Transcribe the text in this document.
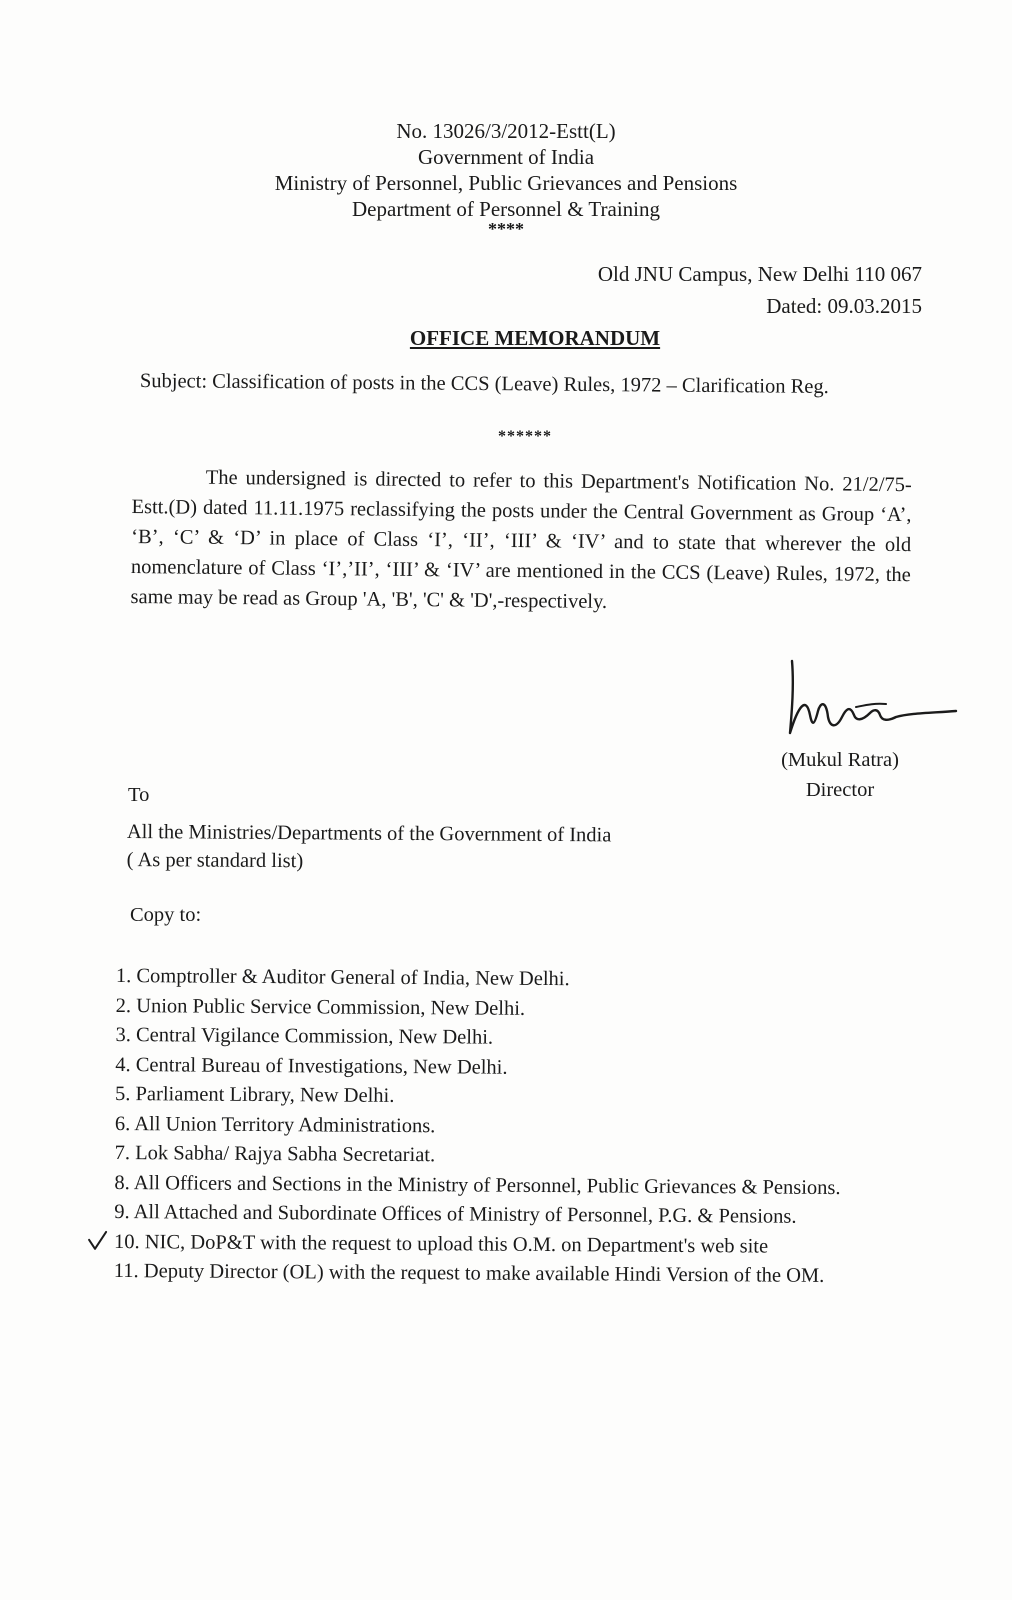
No. 13026/3/2012-Estt(L)
Government of India
Ministry of Personnel, Public Grievances and Pensions
Department of Personnel & Training
****
Old JNU Campus, New Delhi 110 067
Dated: 09.03.2015
OFFICE MEMORANDUM
Subject: Classification of posts in the CCS (Leave) Rules, 1972 – Clarification Reg.
******

The undersigned is directed to refer to this Department's Notification No. 21/2/75-Estt.(D) dated 11.11.1975 reclassifying the posts under the Central Government as Group ‘A’, ‘B’, ‘C’ & ‘D’ in place of Class ‘I’, ‘II’, ‘III’ & ‘IV’ and to state that wherever the old nomenclature of Class ‘I’,’II’, ‘III’ & ‘IV’ are mentioned in the CCS (Leave) Rules, 1972, the same may be read as Group 'A, 'B', 'C' & 'D',-respectively.

(Mukul Ratra)
Director
To
All the Ministries/Departments of the Government of India
( As per standard list)
Copy to:
1. Comptroller & Auditor General of India, New Delhi.
2. Union Public Service Commission, New Delhi.
3. Central Vigilance Commission, New Delhi.
4. Central Bureau of Investigations, New Delhi.
5. Parliament Library, New Delhi.
6. All Union Territory Administrations.
7. Lok Sabha/ Rajya Sabha Secretariat.
8. All Officers and Sections in the Ministry of Personnel, Public Grievances & Pensions.
9. All Attached and Subordinate Offices of Ministry of Personnel, P.G. & Pensions.
10. NIC, DoP&T with the request to upload this O.M. on Department's web site
11. Deputy Director (OL) with the request to make available Hindi Version of the OM.
